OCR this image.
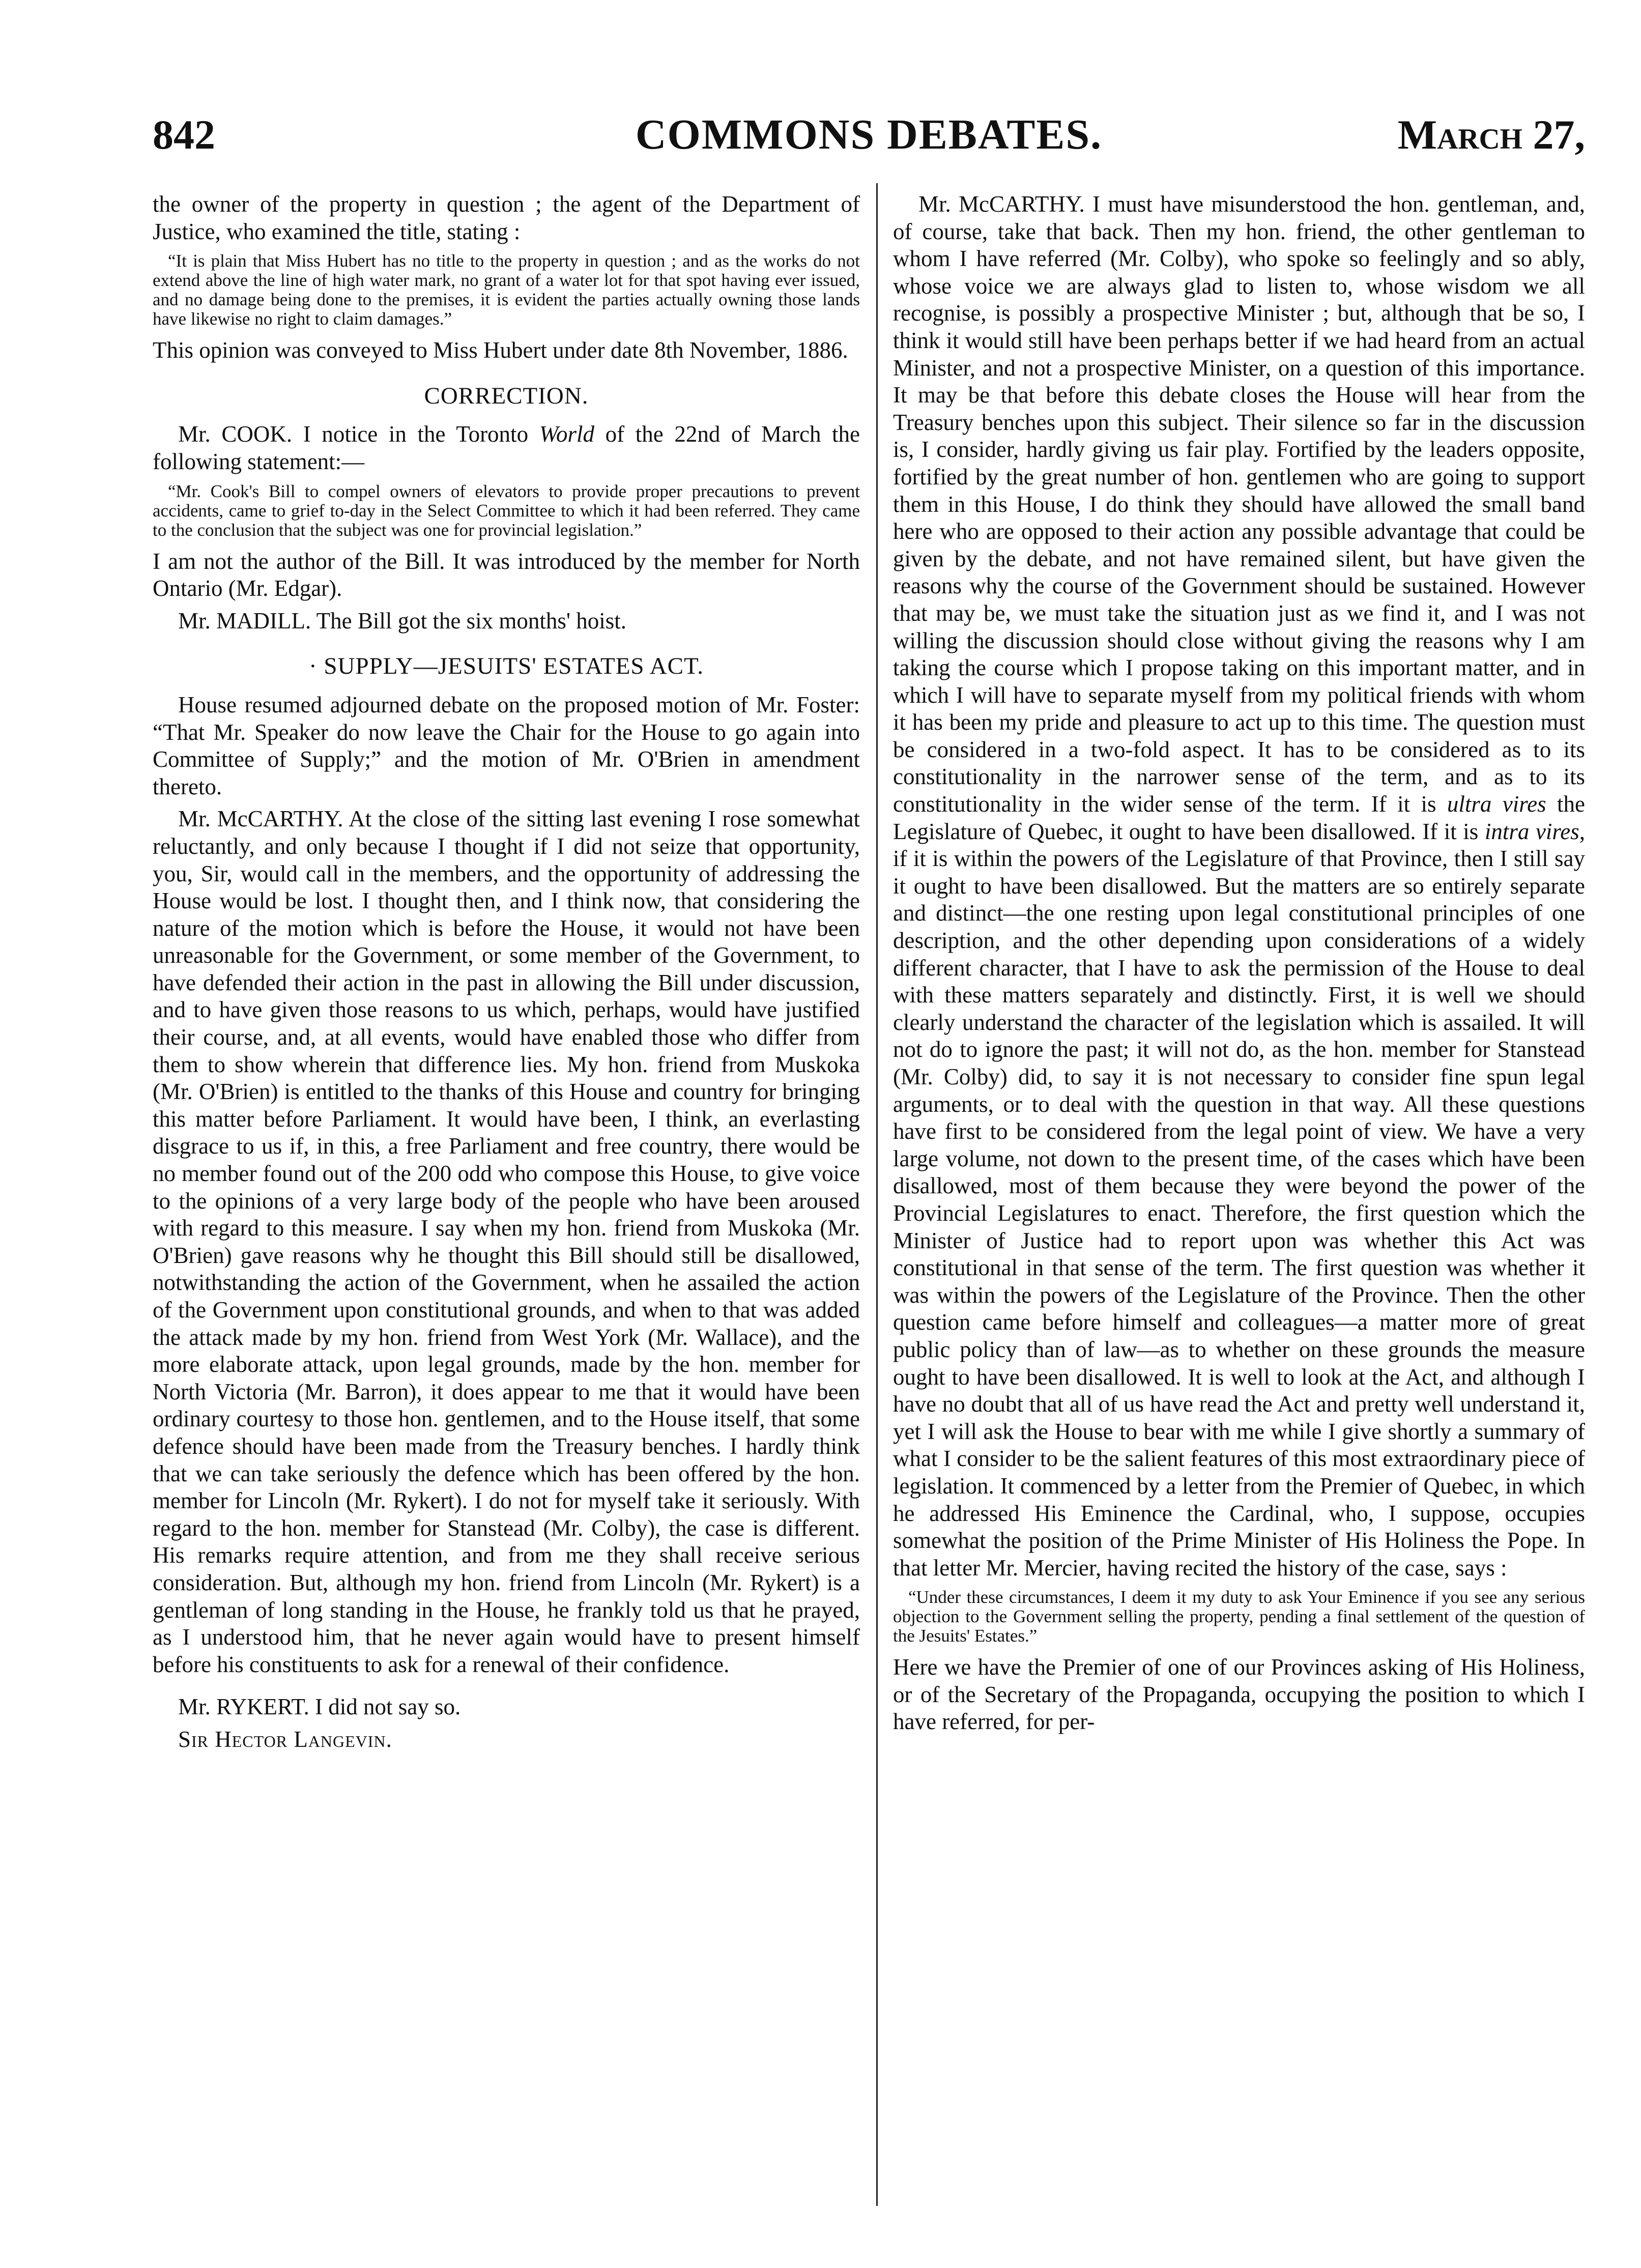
842	COMMONS DEBATES.	March 27,

the owner of the property in question ; the agent of the Department of Justice, who examined the title, stating :

“It is plain that Miss Hubert has no title to the property in question ; and as the works do not extend above the line of high water mark, no grant of a water lot for that spot having ever issued, and no damage being done to the premises, it is evident the parties actually owning those lands have likewise no right to claim damages.”

This opinion was conveyed to Miss Hubert under date 8th November, 1886.

CORRECTION.

Mr. COOK. I notice in the Toronto World of the 22nd of March the following statement:—

“Mr. Cook's Bill to compel owners of elevators to provide proper precautions to prevent accidents, came to grief to-day in the Select Committee to which it had been referred. They came to the conclusion that the subject was one for provincial legislation.”

I am not the author of the Bill. It was introduced by the member for North Ontario (Mr. Edgar).

Mr. MADILL. The Bill got the six months' hoist.

· SUPPLY—JESUITS' ESTATES ACT.

House resumed adjourned debate on the proposed motion of Mr. Foster: “That Mr. Speaker do now leave the Chair for the House to go again into Committee of Supply;” and the motion of Mr. O'Brien in amendment thereto.

Mr. McCARTHY. At the close of the sitting last evening I rose somewhat reluctantly, and only because I thought if I did not seize that opportunity, you, Sir, would call in the members, and the opportunity of addressing the House would be lost. I thought then, and I think now, that considering the nature of the motion which is before the House, it would not have been unreasonable for the Government, or some member of the Government, to have defended their action in the past in allowing the Bill under discussion, and to have given those reasons to us which, perhaps, would have justified their course, and, at all events, would have enabled those who differ from them to show wherein that difference lies. My hon. friend from Muskoka (Mr. O'Brien) is entitled to the thanks of this House and country for bringing this matter before Parliament. It would have been, I think, an everlasting disgrace to us if, in this, a free Parliament and free country, there would be no member found out of the 200 odd who compose this House, to give voice to the opinions of a very large body of the people who have been aroused with regard to this measure. I say when my hon. friend from Muskoka (Mr. O'Brien) gave reasons why he thought this Bill should still be disallowed, notwithstanding the action of the Government, when he assailed the action of the Government upon constitutional grounds, and when to that was added the attack made by my hon. friend from West York (Mr. Wallace), and the more elaborate attack, upon legal grounds, made by the hon. member for North Victoria (Mr. Barron), it does appear to me that it would have been ordinary courtesy to those hon. gentlemen, and to the House itself, that some defence should have been made from the Treasury benches. I hardly think that we can take seriously the defence which has been offered by the hon. member for Lincoln (Mr. Rykert). I do not for myself take it seriously. With regard to the hon. member for Stanstead (Mr. Colby), the case is different. His remarks require attention, and from me they shall receive serious consideration. But, although my hon. friend from Lincoln (Mr. Rykert) is a gentleman of long standing in the House, he frankly told us that he prayed, as I understood him, that he never again would have to present himself before his constituents to ask for a renewal of their confidence.

Mr. RYKERT. I did not say so.

Sir Hector Langevin.

Mr. McCARTHY. I must have misunderstood the hon. gentleman, and, of course, take that back. Then my hon. friend, the other gentleman to whom I have referred (Mr. Colby), who spoke so feelingly and so ably, whose voice we are always glad to listen to, whose wisdom we all recognise, is possibly a prospective Minister ; but, although that be so, I think it would still have been perhaps better if we had heard from an actual Minister, and not a prospective Minister, on a question of this importance. It may be that before this debate closes the House will hear from the Treasury benches upon this subject. Their silence so far in the discussion is, I consider, hardly giving us fair play. Fortified by the leaders opposite, fortified by the great number of hon. gentlemen who are going to support them in this House, I do think they should have allowed the small band here who are opposed to their action any possible advantage that could be given by the debate, and not have remained silent, but have given the reasons why the course of the Government should be sustained. However that may be, we must take the situation just as we find it, and I was not willing the discussion should close without giving the reasons why I am taking the course which I propose taking on this important matter, and in which I will have to separate myself from my political friends with whom it has been my pride and pleasure to act up to this time. The question must be considered in a two-fold aspect. It has to be considered as to its constitutionality in the narrower sense of the term, and as to its constitutionality in the wider sense of the term. If it is ultra vires the Legislature of Quebec, it ought to have been disallowed. If it is intra vires, if it is within the powers of the Legislature of that Province, then I still say it ought to have been disallowed. But the matters are so entirely separate and distinct—the one resting upon legal constitutional principles of one description, and the other depending upon considerations of a widely different character, that I have to ask the permission of the House to deal with these matters separately and distinctly. First, it is well we should clearly understand the character of the legislation which is assailed. It will not do to ignore the past; it will not do, as the hon. member for Stanstead (Mr. Colby) did, to say it is not necessary to consider fine spun legal arguments, or to deal with the question in that way. All these questions have first to be considered from the legal point of view. We have a very large volume, not down to the present time, of the cases which have been disallowed, most of them because they were beyond the power of the Provincial Legislatures to enact. Therefore, the first question which the Minister of Justice had to report upon was whether this Act was constitutional in that sense of the term. The first question was whether it was within the powers of the Legislature of the Province. Then the other question came before himself and colleagues—a matter more of great public policy than of law—as to whether on these grounds the measure ought to have been disallowed. It is well to look at the Act, and although I have no doubt that all of us have read the Act and pretty well understand it, yet I will ask the House to bear with me while I give shortly a summary of what I consider to be the salient features of this most extraordinary piece of legislation. It commenced by a letter from the Premier of Quebec, in which he addressed His Eminence the Cardinal, who, I suppose, occupies somewhat the position of the Prime Minister of His Holiness the Pope. In that letter Mr. Mercier, having recited the history of the case, says :

“Under these circumstances, I deem it my duty to ask Your Eminence if you see any serious objection to the Government selling the property, pending a final settlement of the question of the Jesuits' Estates.”

Here we have the Premier of one of our Provinces asking of His Holiness, or of the Secretary of the Propaganda, occupying the position to which I have referred, for per-
